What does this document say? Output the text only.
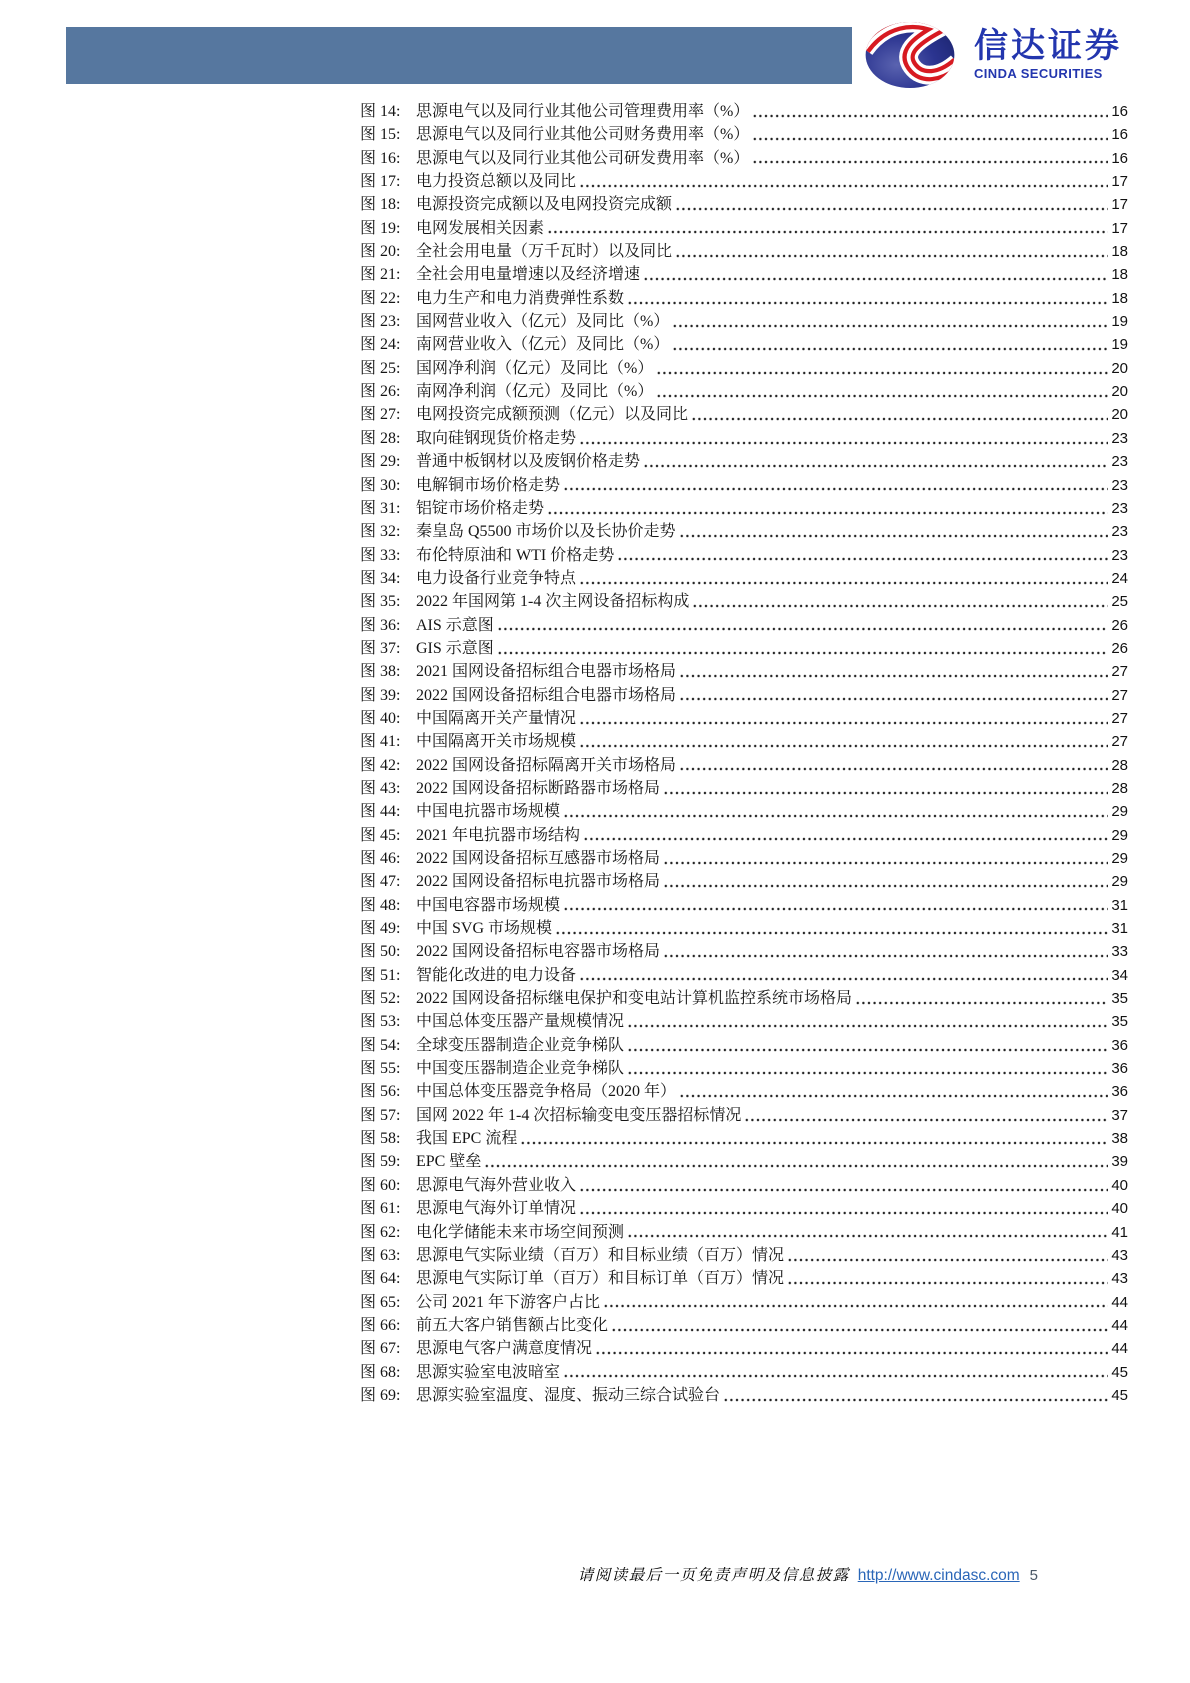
信达证券
CINDA SECURITIES
图 14: 思源电气以及同行业其他公司管理费用率（%）	16
图 15: 思源电气以及同行业其他公司财务费用率（%）	16
图 16: 思源电气以及同行业其他公司研发费用率（%）	16
图 17: 电力投资总额以及同比	17
图 18: 电源投资完成额以及电网投资完成额	17
图 19: 电网发展相关因素	17
图 20: 全社会用电量（万千瓦时）以及同比	18
图 21: 全社会用电量增速以及经济增速	18
图 22: 电力生产和电力消费弹性系数	18
图 23: 国网营业收入（亿元）及同比（%）	19
图 24: 南网营业收入（亿元）及同比（%）	19
图 25: 国网净利润（亿元）及同比（%）	20
图 26: 南网净利润（亿元）及同比（%）	20
图 27: 电网投资完成额预测（亿元）以及同比	20
图 28: 取向硅钢现货价格走势	23
图 29: 普通中板钢材以及废钢价格走势	23
图 30: 电解铜市场价格走势	23
图 31: 铝锭市场价格走势	23
图 32: 秦皇岛 Q5500 市场价以及长协价走势	23
图 33: 布伦特原油和 WTI 价格走势	23
图 34: 电力设备行业竞争特点	24
图 35: 2022 年国网第 1-4 次主网设备招标构成	25
图 36: AIS 示意图	26
图 37: GIS 示意图	26
图 38: 2021 国网设备招标组合电器市场格局	27
图 39: 2022 国网设备招标组合电器市场格局	27
图 40: 中国隔离开关产量情况	27
图 41: 中国隔离开关市场规模	27
图 42: 2022 国网设备招标隔离开关市场格局	28
图 43: 2022 国网设备招标断路器市场格局	28
图 44: 中国电抗器市场规模	29
图 45: 2021 年电抗器市场结构	29
图 46: 2022 国网设备招标互感器市场格局	29
图 47: 2022 国网设备招标电抗器市场格局	29
图 48: 中国电容器市场规模	31
图 49: 中国 SVG 市场规模	31
图 50: 2022 国网设备招标电容器市场格局	33
图 51: 智能化改进的电力设备	34
图 52: 2022 国网设备招标继电保护和变电站计算机监控系统市场格局	35
图 53: 中国总体变压器产量规模情况	35
图 54: 全球变压器制造企业竞争梯队	36
图 55: 中国变压器制造企业竞争梯队	36
图 56: 中国总体变压器竞争格局（2020 年）	36
图 57: 国网 2022 年 1-4 次招标输变电变压器招标情况	37
图 58: 我国 EPC 流程	38
图 59: EPC 壁垒	39
图 60: 思源电气海外营业收入	40
图 61: 思源电气海外订单情况	40
图 62: 电化学储能未来市场空间预测	41
图 63: 思源电气实际业绩（百万）和目标业绩（百万）情况	43
图 64: 思源电气实际订单（百万）和目标订单（百万）情况	43
图 65: 公司 2021 年下游客户占比	44
图 66: 前五大客户销售额占比变化	44
图 67: 思源电气客户满意度情况	44
图 68: 思源实验室电波暗室	45
图 69: 思源实验室温度、湿度、振动三综合试验台	45
请阅读最后一页免责声明及信息披露 http://www.cindasc.com 5
